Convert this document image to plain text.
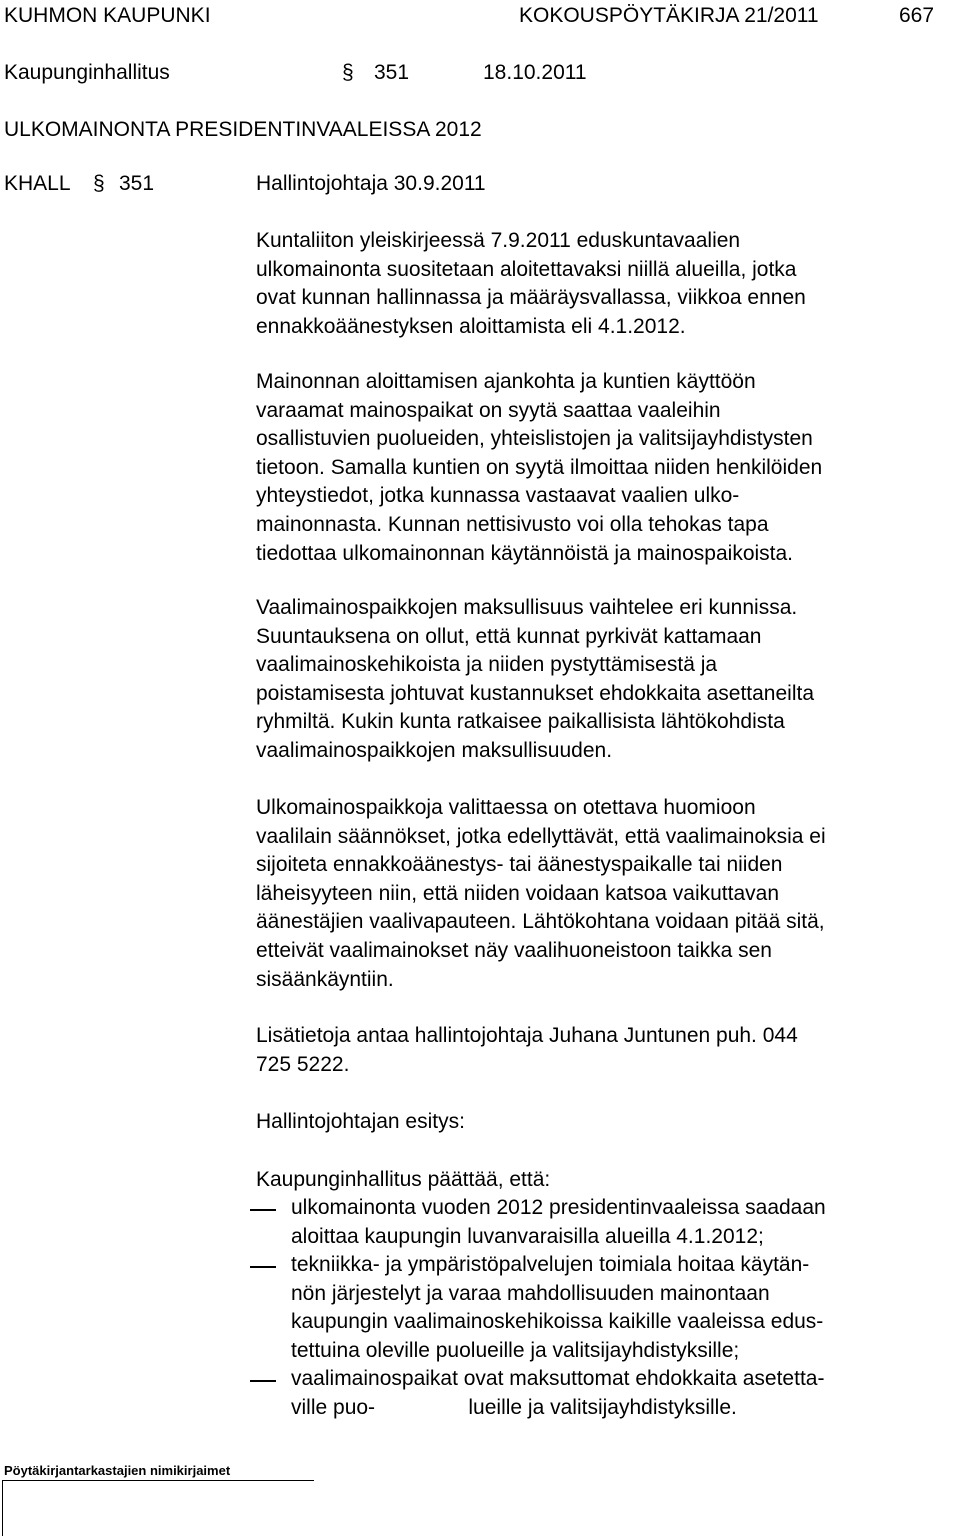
KUHMON KAUPUNKI	KOKOUSPÖYTÄKIRJA 21/2011	667
Kaupunginhallitus	§ 351	18.10.2011
ULKOMAINONTA PRESIDENTINVAALEISSA 2012
KHALL § 351	Hallintojohtaja 30.9.2011

Kuntaliiton yleiskirjeessä 7.9.2011 eduskuntavaalien

ulkomainonta suositetaan aloitettavaksi niillä alueilla, jotka

ovat kunnan hallinnassa ja määräysvallassa, viikkoa ennen

ennakkoäänestyksen aloittamista eli 4.1.2012.

Mainonnan aloittamisen ajankohta ja kuntien käyttöön

varaamat mainospaikat on syytä saattaa vaaleihin

osallistuvien puolueiden, yhteislistojen ja valitsijayhdistysten

tietoon. Samalla kuntien on syytä ilmoittaa niiden henkilöiden

yhteystiedot, jotka kunnassa vastaavat vaalien ulko-

mainonnasta. Kunnan nettisivusto voi olla tehokas tapa

tiedottaa ulkomainonnan käytännöistä ja mainospaikoista.

Vaalimainospaikkojen maksullisuus vaihtelee eri kunnissa.

Suuntauksena on ollut, että kunnat pyrkivät kattamaan

vaalimainoskehikoista ja niiden pystyttämisestä ja

poistamisesta johtuvat kustannukset ehdokkaita asettaneilta

ryhmiltä. Kukin kunta ratkaisee paikallisista lähtökohdista

vaalimainospaikkojen maksullisuuden.

Ulkomainospaikkoja valittaessa on otettava huomioon

vaalilain säännökset, jotka edellyttävät, että vaalimainoksia ei

sijoiteta ennakkoäänestys- tai äänestyspaikalle tai niiden

läheisyyteen niin, että niiden voidaan katsoa vaikuttavan

äänestäjien vaalivapauteen. Lähtökohtana voidaan pitää sitä,

etteivät vaalimainokset näy vaalihuoneistoon taikka sen

sisäänkäyntiin.

Lisätietoja antaa hallintojohtaja Juhana Juntunen puh. 044

725 5222.

Hallintojohtajan esitys:

Kaupunginhallitus päättää, että:

ulkomainonta vuoden 2012 presidentinvaaleissa saadaan

aloittaa kaupungin luvanvaraisilla alueilla 4.1.2012;

tekniikka- ja ympäristöpalvelujen toimiala hoitaa käytän-

nön järjestelyt ja varaa mahdollisuuden mainontaan

kaupungin vaalimainoskehikoissa kaikille vaaleissa edus-

tettuina oleville puolueille ja valitsijayhdistyksille;

vaalimainospaikat ovat maksuttomat ehdokkaita asetetta-

ville puo-                lueille ja valitsijayhdistyksille.

Pöytäkirjantarkastajien nimikirjaimet
